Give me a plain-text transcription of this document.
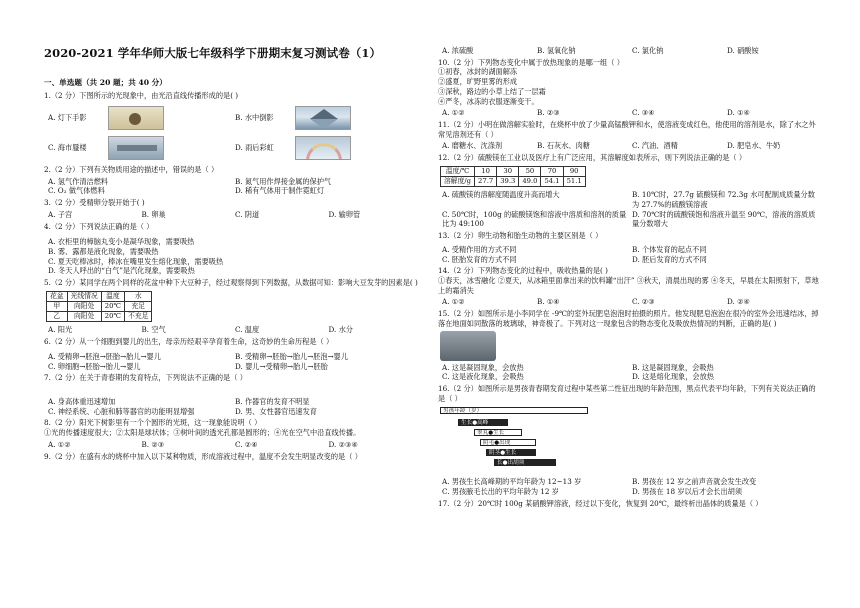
2020-2021 学年华师大版七年级科学下册期末复习测试卷（1）
一、单选题（共 20 题；共 40 分）
1.（2 分）下图所示的光现象中，由光沿直线传播形成的是( )
A. 灯下手影	B. 水中倒影
C. 海市蜃楼	D. 雨后彩虹
2.（2 分）下列有关物质用途的描述中，错误的是（ ）
A. 氢气作清洁燃料	B. 氮气用作焊接金属的保护气
C. O₂ 做气体燃料	D. 稀有气体用于制作霓虹灯
3.（2 分）受精卵分裂开始于( )
A. 子宫	B. 卵巢	C. 阴道	D. 输卵管
4.（2 分）下列说法正确的是（ ）
A. 衣柜里的樟脑丸变小是凝华现象，需要吸热
B. 雾、露都是液化现象，需要吸热
C. 夏天吃棒冰时，棒冰在嘴里发生熔化现象，需要吸热
D. 冬天人呼出的“白气”是汽化现象，需要吸热
5.（2 分）某同学在两个同样的花盆中种下大豆种子，经过观察得到下列数据，从数据可知：影响大豆发芽的因素是( )
花盆	光线情况	温度	水
甲	向阳处	20℃	充足
乙	向阳处	20℃	不充足
A. 阳光	B. 空气	C. 温度	D. 水分
6.（2 分）从一个细胞到婴儿的出生，母亲历经艰辛孕育着生命，这奇妙的生命历程是（ ）
A. 受精卵→胚泡→胚胎→胎儿→婴儿	B. 受精卵→胚胎→胎儿→胚泡→婴儿
C. 卵细胞→胚胎→胎儿→婴儿	D. 婴儿→受精卵→胎儿→胚胎
7.（2 分）在关于青春期的发育特点，下列说法不正确的是（ ）
A. 身高体重迅速增加	B. 作器官的发育不明显
C. 神经系统、心脏和肺等器官的功能明显增强	D. 男、女性器官迅速发育
8.（2 分）阳光下树影里有一个个圆形的光斑，这一现象能说明（ ）
①光的传播速度很大；②太阳是球状体；③树叶间的透光孔都是圆形的；④光在空气中沿直线传播。
A. ①②	B. ②③	C. ②④	D. ②③④
9.（2 分）在盛有水的烧杯中加入以下某种物质，形成溶液过程中，温度不会发生明显改变的是（ ）
A. 浓硫酸	B. 氢氧化钠	C. 氯化钠	D. 硝酸铵
10.（2 分）下列物态变化中属于放热现象的是哪一组（ ）
①初春，冰封的湖面解冻
②盛夏，旷野里雾的形成
③深秋，路边的小草上结了一层霜
④严冬，冰冻的衣服逐渐变干。
A. ①②	B. ②③	C. ③④	D. ①④
11.（2 分）小明在做溶解实验时，在烧杯中放了少量高锰酸钾和水，使溶液变成红色，他使用的溶剂是水，除了水之外常见溶剂还有（ ）
A. 磨糖水、沈涤剂	B. 石灰水、肉糖	C. 汽油、酒精	D. 肥皂水、牛奶
12.（2 分）硫酸镁在工业以及医疗上有广泛应用，其溶解度如表所示，则下列说法正确的是（ ）
温度/℃	10	30	50	70	90
溶解度/g	27.7	39.3	49.0	54.1	51.1
A. 硫酸镁的溶解度随温度升高而增大	B. 10℃时，27.7g 硫酸镁和 72.3g 水可配制成质量分数为 27.7%的硫酸镁溶液
C. 50℃时，100g 的硫酸镁饱和溶液中溶质和溶剂的质量比为 49:100
D. 70℃时的硫酸镁饱和溶液升温至 90℃，溶液的溶质质量分数增大
13.（2 分）卵生动物和胎生动物的主要区别是（ ）
A. 受精作用的方式不同	B. 个体发育的起点不同
C. 胚胎发育的方式不同	D. 胚后发育的方式不同
14.（2 分）下列物态变化的过程中，吸收热量的是( )
①春天，冰雪融化 ②夏天，从冰箱里面拿出来的饮料罐“出汗” ③秋天，清晨出现的雾 ④冬天，早晨在太阳照射下，草地上的霜消失
A. ①②	B. ①④	C. ②③	D. ②④
15.（2 分）如图所示是小李同学在 -9℃的室外玩肥皂泡泡时拍摄的照片。他发现肥皂泡泡在很冷的室外会迅速结冰，掉落在地面如同散落的玻璃球，神奇极了。下列对这一现象包含的物态变化及吸放热情况的判断，正确的是( )
A. 这是凝固现象，会放热	B. 这是凝固现象，会吸热
C. 这是液化现象，会吸热	D. 这是熔化现象，会放热
16.（2 分）如图所示是男孩青春期发育过程中某些第二性征出现的年龄范围，黑点代表平均年龄，下列有关说法正确的是（ ）
男孩年龄（岁）
生长●高峰
睾丸●生长
阴毛●出现
阴茎●生长
长●出胡须
A. 男孩生长高峰期的平均年龄为 12~13 岁	B. 男孩在 12 岁之前声音就会发生改变
C. 男孩腋毛长出的平均年龄为 12 岁	D. 男孩在 18 岁以后才会长出胡须
17.（2 分）20℃时 100g 某硝酸钾溶液，经过以下变化，恢复到 20℃，最终析出晶体的质量是（ ）
